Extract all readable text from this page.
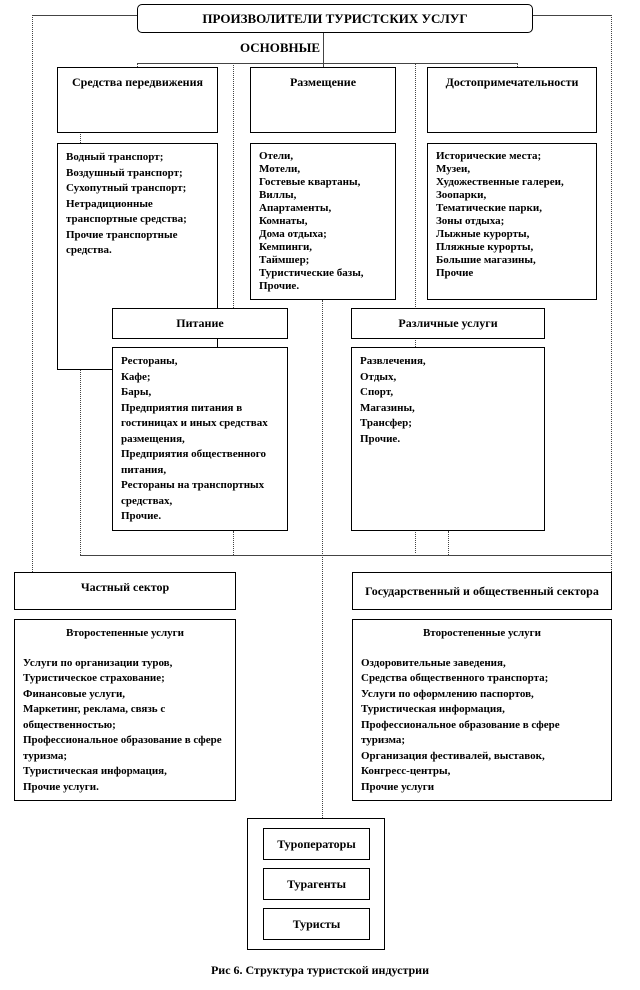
ПРОИЗВОЛИТЕЛИ ТУРИСТСКИХ УСЛУГ
ОСНОВНЫЕ
Средства передвижения
Водный транспорт;
Воздушный транспорт;
Сухопутный транспорт;
Нетрадиционные транспортные средства;
Прочие транспортные средства.
Размещение
Отели,
Мотели,
Гостевые квартаны,
Виллы,
Апартаменты,
Комнаты,
Дома отдыха;
Кемпинги,
Таймшер;
Туристические базы,
Прочие.
Достопримечательности
Исторические места;
Музеи,
Художественные галереи,
Зоопарки,
Тематические парки,
Зоны отдыха;
Лыжные курорты,
Пляжные курорты,
Большие магазины,
Прочие
Питание
Рестораны,
Кафе;
Бары,
Предприятия питания в гостиницах и иных средствах размещения,
Предприятия общественного питания,
Рестораны на транспортных средствах,
Прочие.
Различные услуги
Развлечения,
Отдых,
Спорт,
Магазины,
Трансфер;
Прочие.
Частный сектор
Второстепенные услуги
Услуги по организации туров,
Туристическое страхование;
Финансовые услуги,
Маркетинг, реклама, связь с общественностью;
Профессиональное образование в сфере туризма;
Туристическая информация,
Прочие услуги.
Государственный и общественный сектора
Второстепенные услуги
Оздоровительные заведения,
Средства общественного транспорта;
Услуги по оформлению паспортов,
Туристическая информация,
Профессиональное образование в сфере туризма;
Организация фестивалей, выставок,
Конгресс-центры,
Прочие услуги
Туроператоры
Турагенты
Туристы
Рис 6. Структура туристской индустрии
